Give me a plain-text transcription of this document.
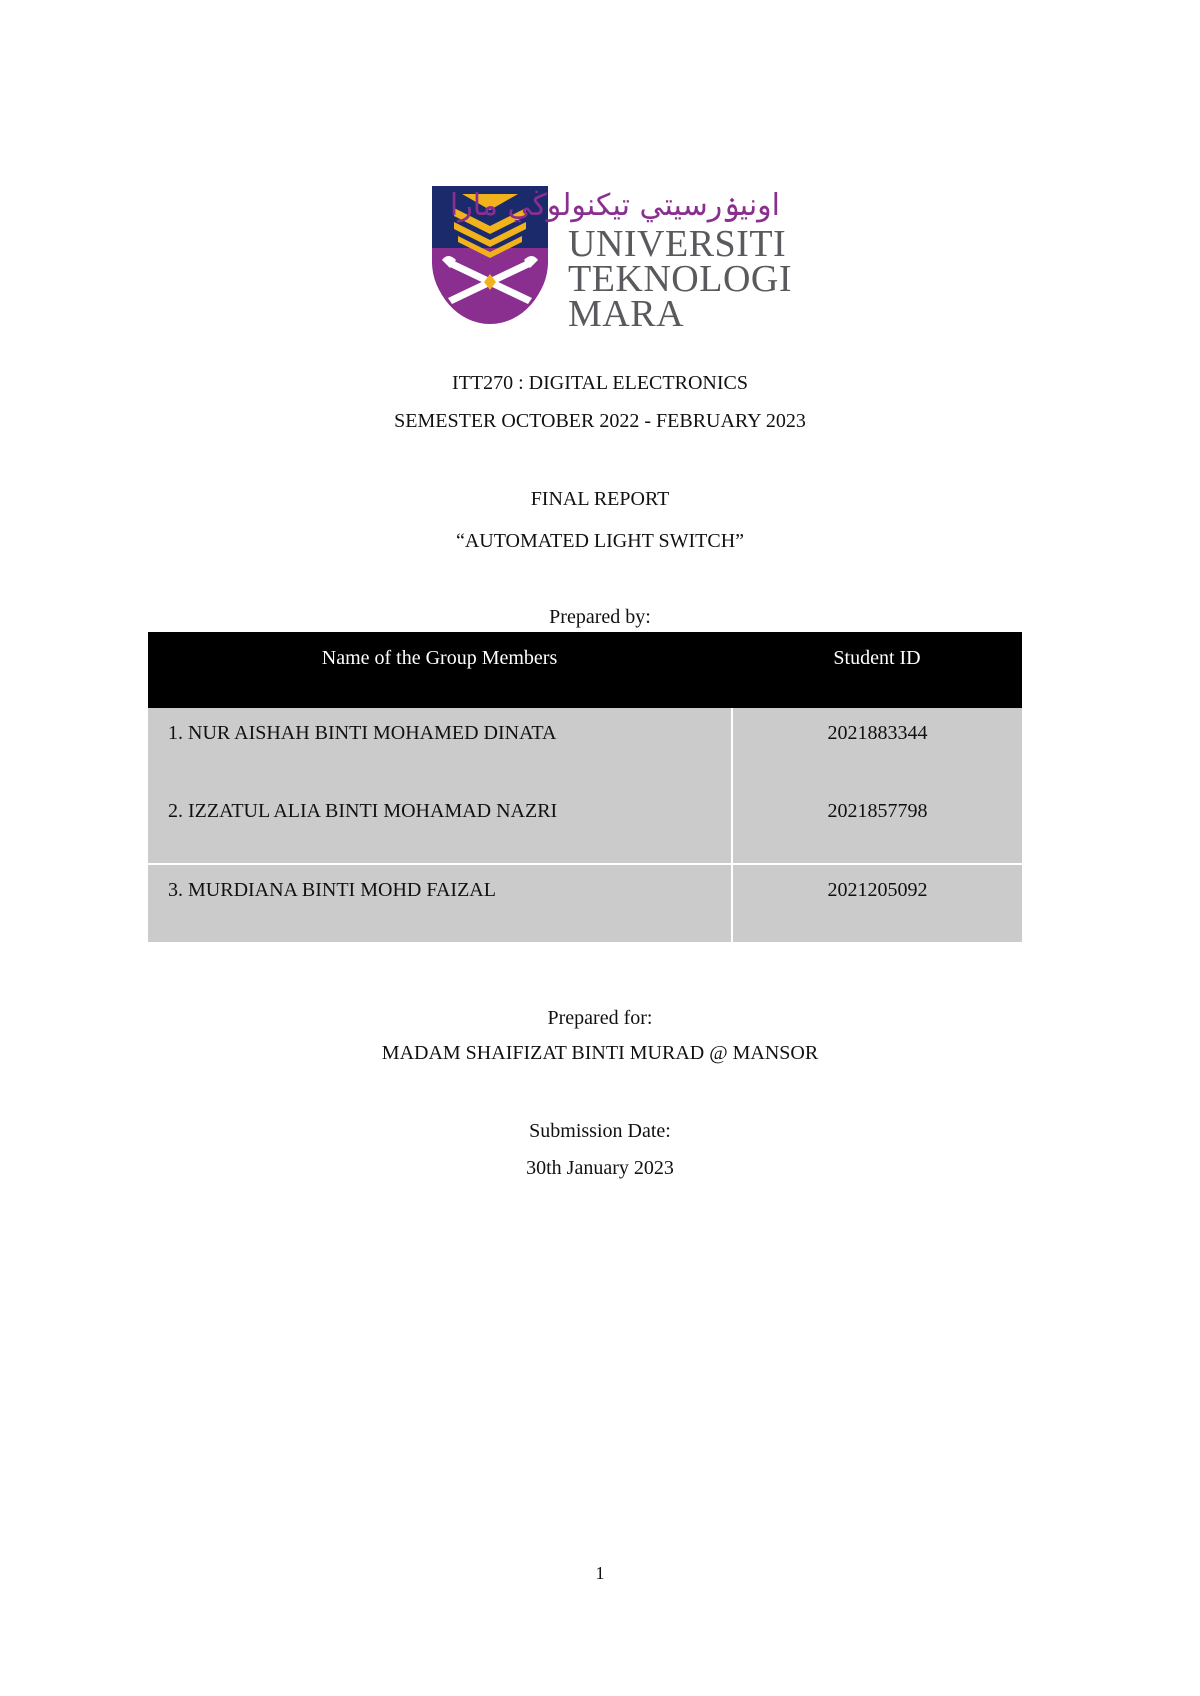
اونيۏرسيتي تيکنولوڬي مارا
UNIVERSITI
TEKNOLOGI
MARA
ITT270 : DIGITAL ELECTRONICS
SEMESTER OCTOBER 2022 - FEBRUARY 2023
FINAL REPORT
“AUTOMATED LIGHT SWITCH”
Prepared by:
Name of the Group Members	Student ID
1. NUR AISHAH BINTI MOHAMED DINATA	2021883344
2. IZZATUL ALIA BINTI MOHAMAD NAZRI	2021857798
3. MURDIANA BINTI MOHD FAIZAL	2021205092
Prepared for:
MADAM SHAIFIZAT BINTI MURAD @ MANSOR
Submission Date:
30th January 2023
1
